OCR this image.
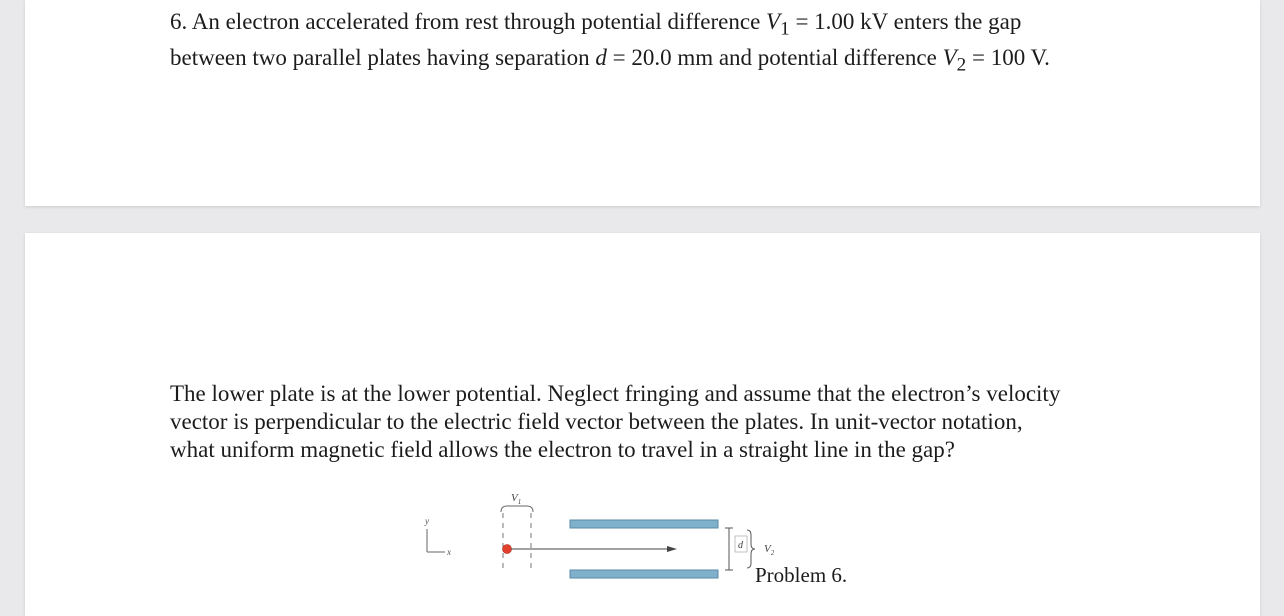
6. An electron accelerated from rest through potential difference $V_1 = 1.00$ kV enters the gap
between two parallel plates having separation d = 20.0 mm and potential difference $V_2 = 100$ V.

The lower plate is at the lower potential. Neglect fringing and assume that the electron’s velocity
vector is perpendicular to the electric field vector between the plates. In unit-vector notation,
what uniform magnetic field allows the electron to travel in a straight line in the gap?

y
x
$V_1$
d $V_2$
Problem 6.
